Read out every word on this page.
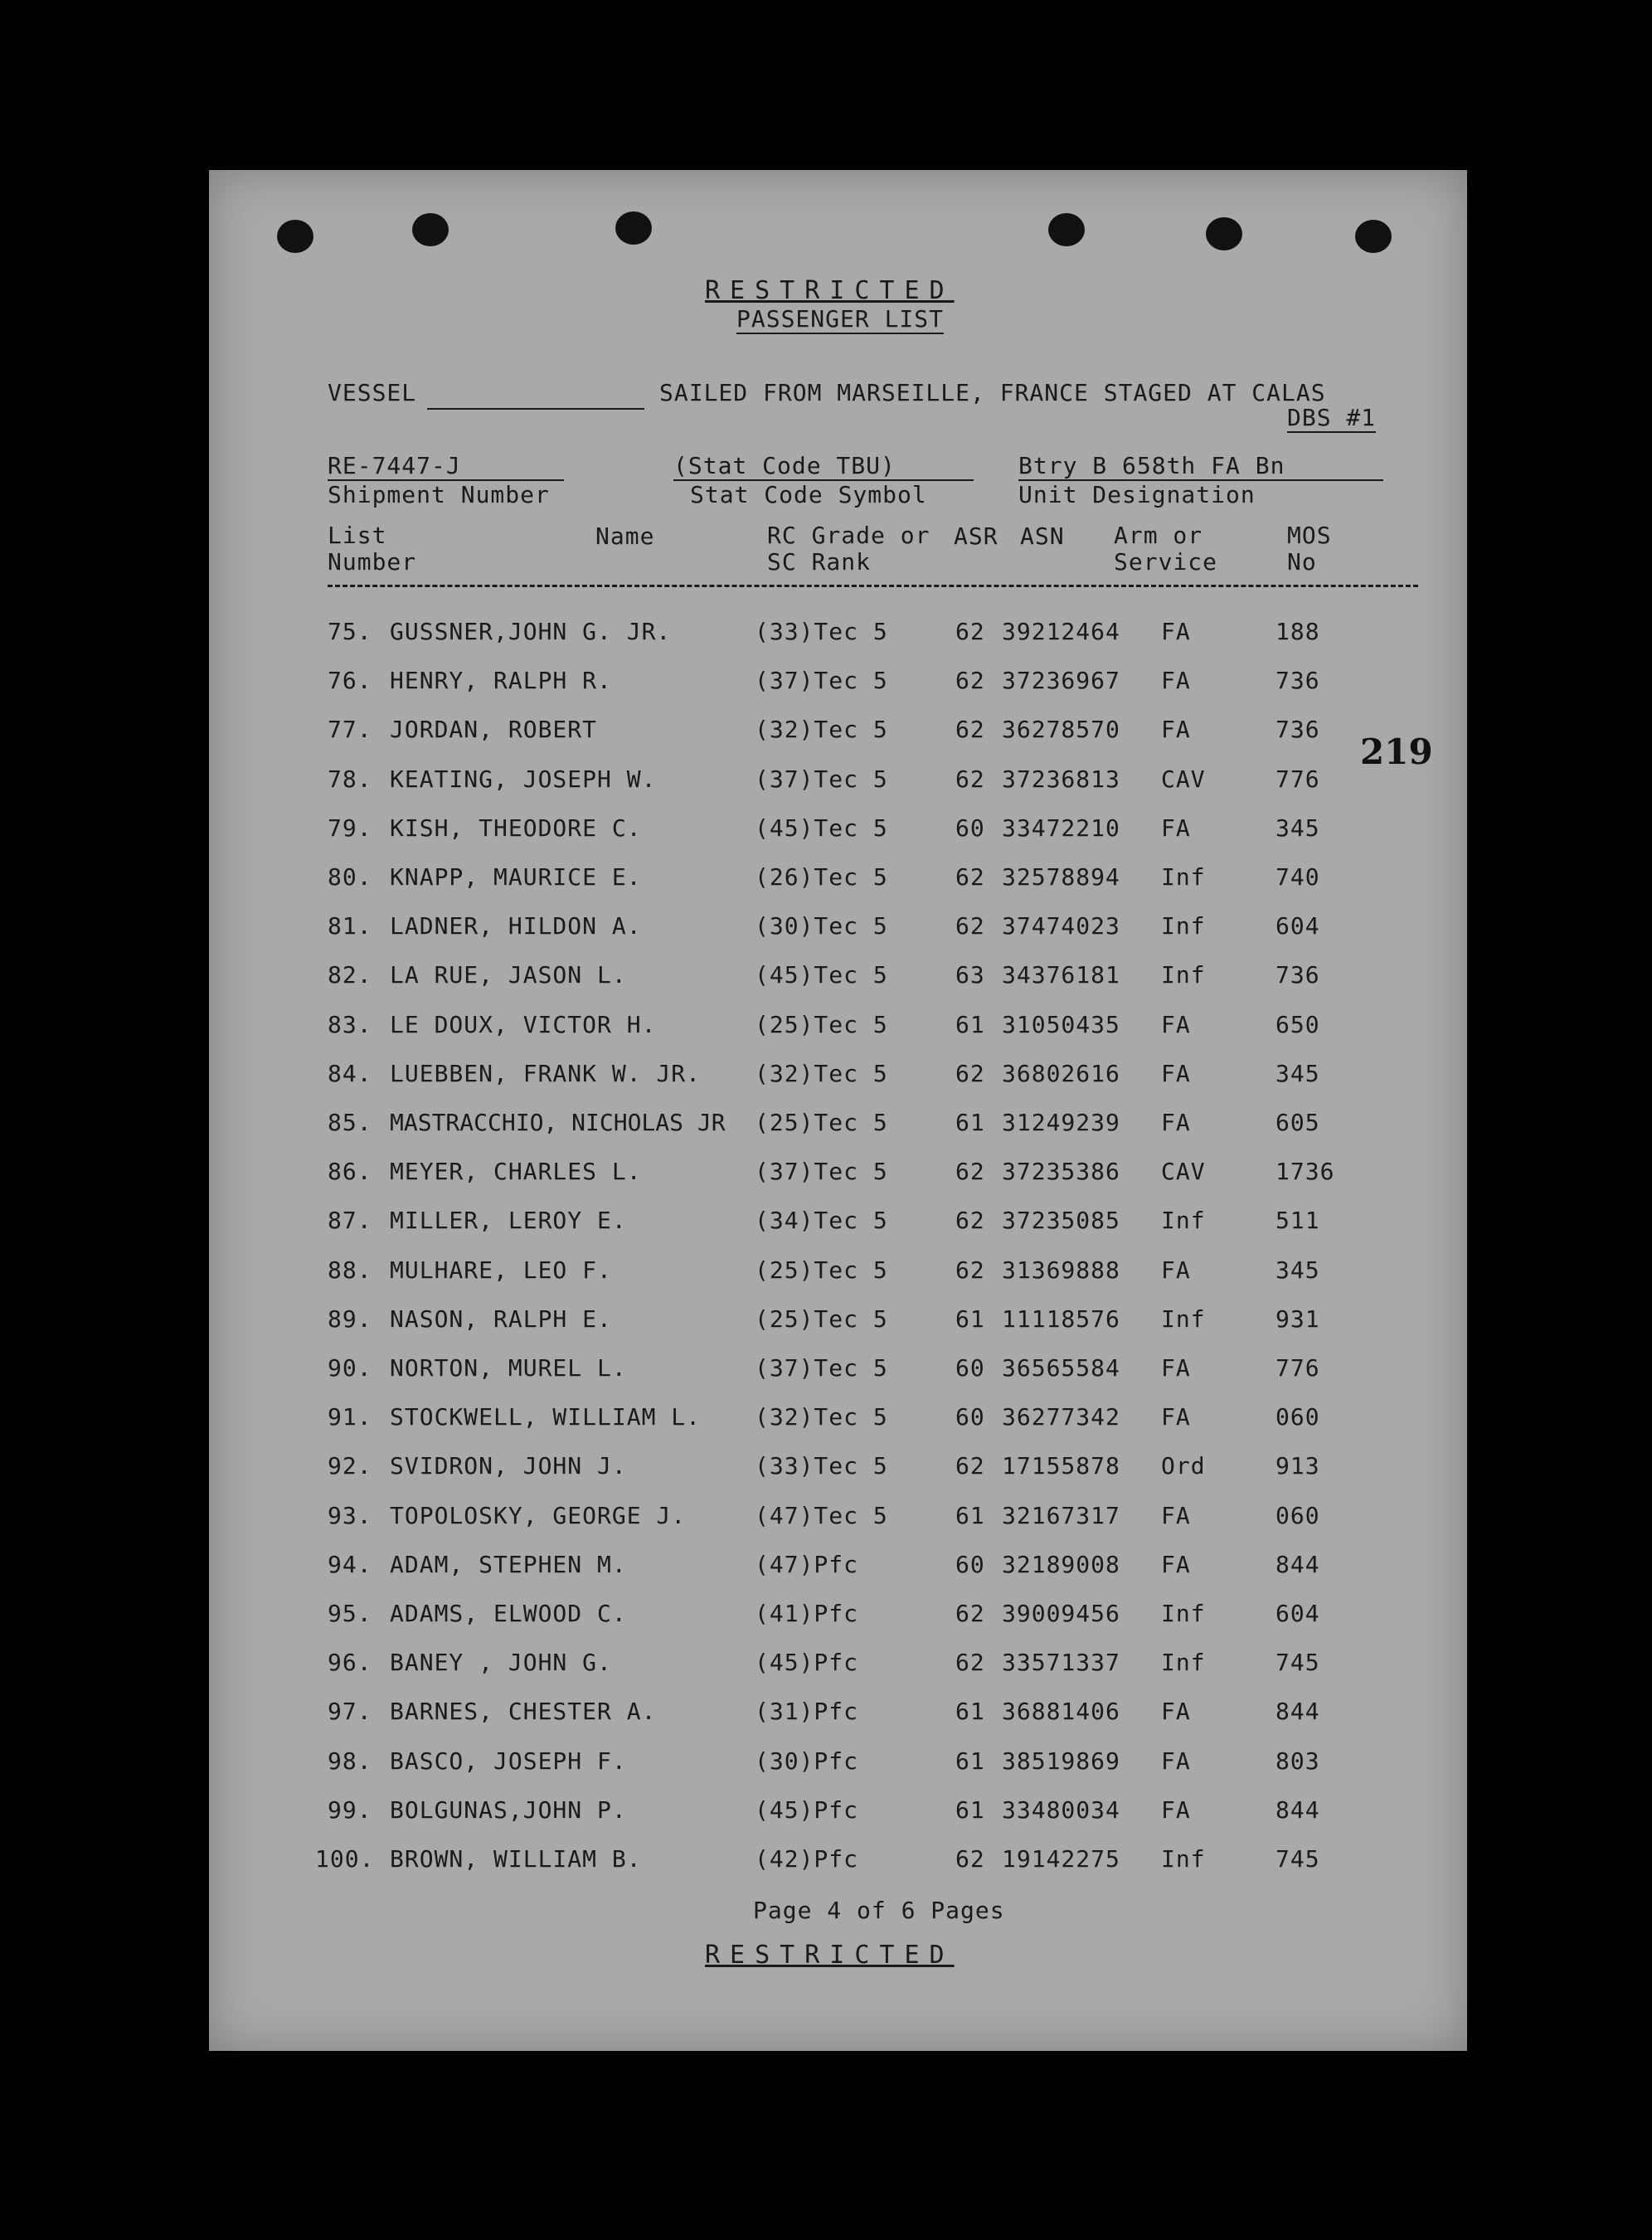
RESTRICTED
PASSENGER LIST
VESSEL	SAILED FROM MARSEILLE, FRANCE STAGED AT CALAS
DBS #1
RE-7447-J
Shipment Number
(Stat Code TBU)
Stat Code Symbol
Btry B 658th FA Bn
Unit Designation
List
Number
Name	RC Grade or
SC Rank
ASR ASN Arm or
Service
MOS
No
219
75. GUSSNER,JOHN G. JR.	(33)Tec 5	62 39212464 FA	188
76. HENRY, RALPH R.	(37)Tec 5	62 37236967 FA	736
77. JORDAN, ROBERT	(32)Tec 5	62 36278570 FA	736
78. KEATING, JOSEPH W.	(37)Tec 5	62 37236813 CAV	776
79. KISH, THEODORE C.	(45)Tec 5	60 33472210 FA	345
80. KNAPP, MAURICE E.	(26)Tec 5	62 32578894 Inf	740
81. LADNER, HILDON A.	(30)Tec 5	62 37474023 Inf	604
82. LA RUE, JASON L.	(45)Tec 5	63 34376181 Inf	736
83. LE DOUX, VICTOR H.	(25)Tec 5	61 31050435 FA	650
84. LUEBBEN, FRANK W. JR. (32)Tec 5	62 36802616 FA	345
85. MASTRACCHIO, NICHOLAS JR (25)Tec 5	61 31249239 FA	605
86. MEYER, CHARLES L.	(37)Tec 5	62 37235386 CAV	1736
87. MILLER, LEROY E.	(34)Tec 5	62 37235085 Inf	511
88. MULHARE, LEO F.	(25)Tec 5	62 31369888 FA	345
89. NASON, RALPH E.	(25)Tec 5	61 11118576 Inf	931
90. NORTON, MUREL L.	(37)Tec 5	60 36565584 FA	776
91. STOCKWELL, WILLIAM L. (32)Tec 5	60 36277342 FA	060
92. SVIDRON, JOHN J.	(33)Tec 5	62 17155878 Ord	913
93. TOPOLOSKY, GEORGE J.	(47)Tec 5	61 32167317 FA	060
94. ADAM, STEPHEN M.	(47)Pfc	60 32189008 FA	844
95. ADAMS, ELWOOD C.	(41)Pfc	62 39009456 Inf	604
96. BANEY , JOHN G.	(45)Pfc	62 33571337 Inf	745
97. BARNES, CHESTER A.	(31)Pfc	61 36881406 FA	844
98. BASCO, JOSEPH F.	(30)Pfc	61 38519869 FA	803
99. BOLGUNAS,JOHN P.	(45)Pfc	61 33480034 FA	844
100. BROWN, WILLIAM B.	(42)Pfc	62 19142275 Inf	745
Page 4 of 6 Pages
RESTRICTED
